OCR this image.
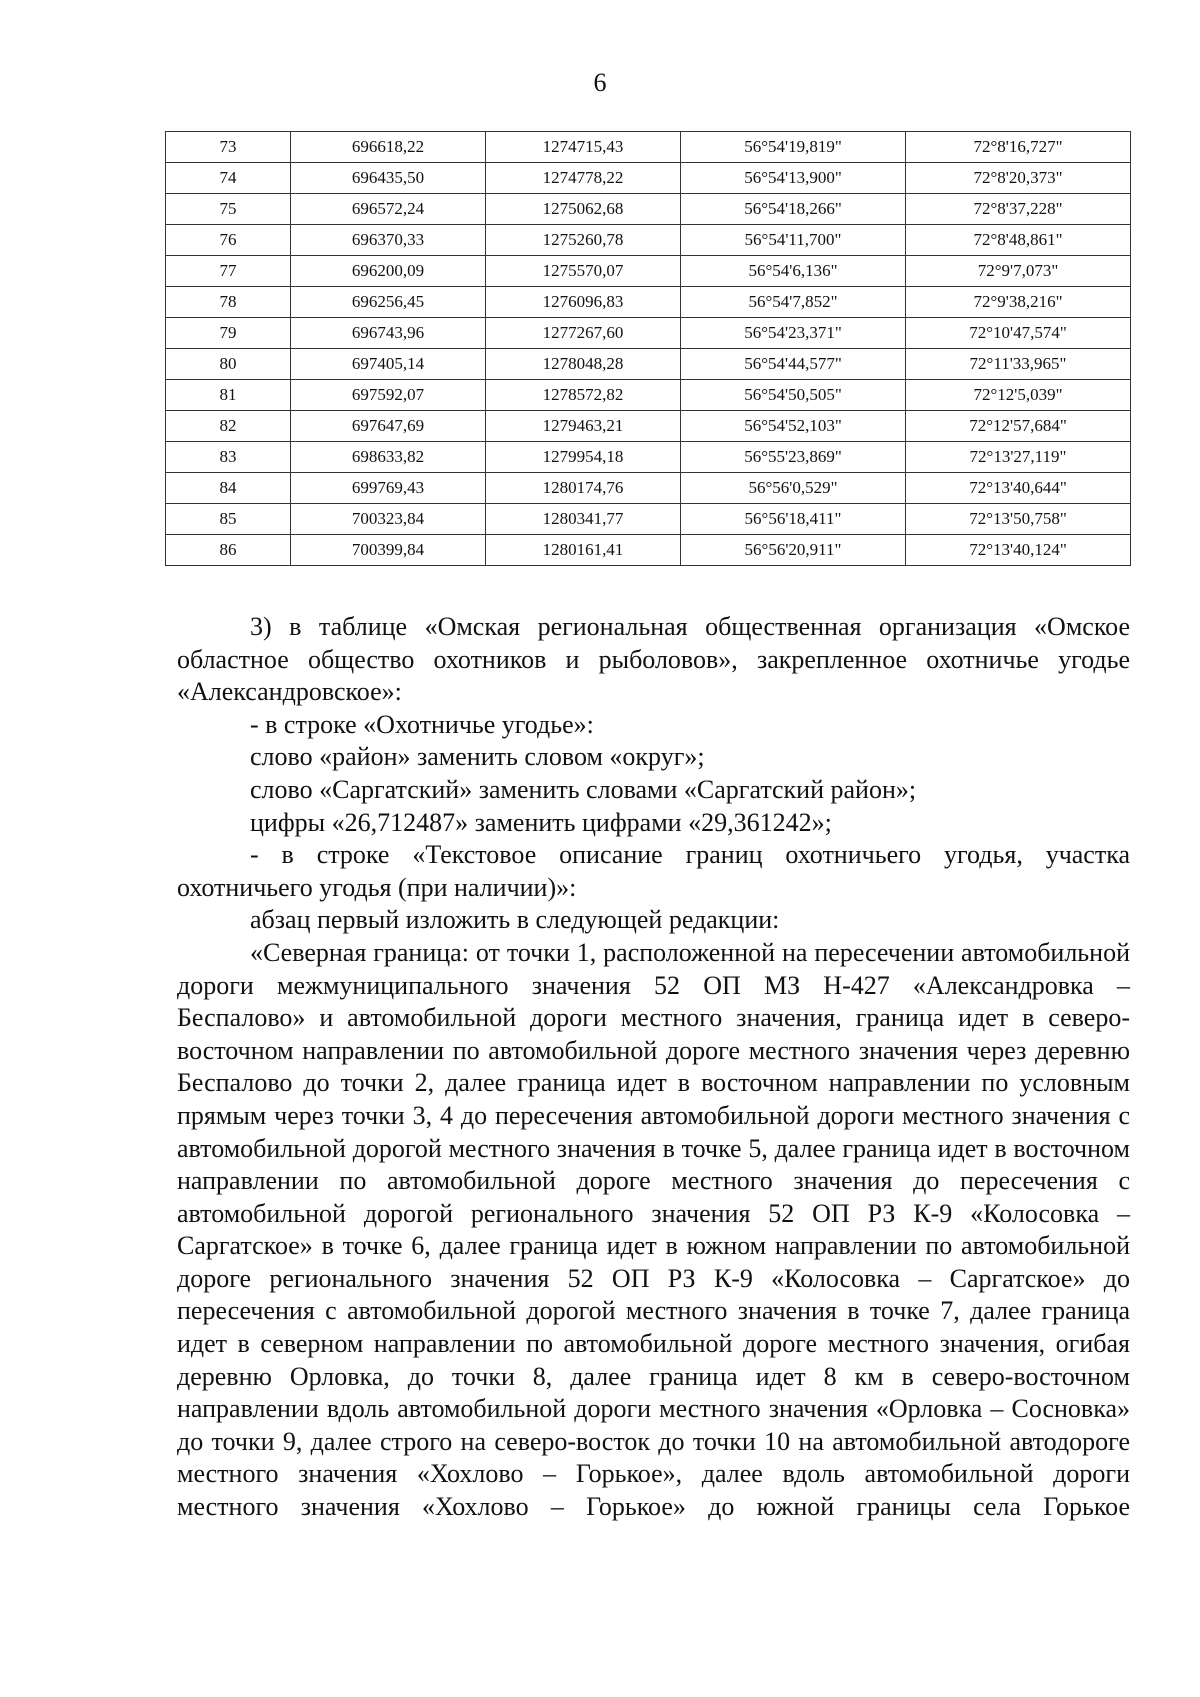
6
73	696618,22	1274715,43	56°54'19,819"	72°8'16,727"
74	696435,50	1274778,22	56°54'13,900"	72°8'20,373"
75	696572,24	1275062,68	56°54'18,266"	72°8'37,228"
76	696370,33	1275260,78	56°54'11,700"	72°8'48,861"
77	696200,09	1275570,07	56°54'6,136"	72°9'7,073"
78	696256,45	1276096,83	56°54'7,852"	72°9'38,216"
79	696743,96	1277267,60	56°54'23,371"	72°10'47,574"
80	697405,14	1278048,28	56°54'44,577"	72°11'33,965"
81	697592,07	1278572,82	56°54'50,505"	72°12'5,039"
82	697647,69	1279463,21	56°54'52,103"	72°12'57,684"
83	698633,82	1279954,18	56°55'23,869"	72°13'27,119"
84	699769,43	1280174,76	56°56'0,529"	72°13'40,644"
85	700323,84	1280341,77	56°56'18,411"	72°13'50,758"
86	700399,84	1280161,41	56°56'20,911"	72°13'40,124"

3) в таблице «Омская региональная общественная организация «Омское областное общество охотников и рыболовов», закрепленное охотничье угодье «Александровское»:

- в строке «Охотничье угодье»:

слово «район» заменить словом «округ»;

слово «Саргатский» заменить словами «Саргатский район»;

цифры «26,712487» заменить цифрами «29,361242»;

- в строке «Текстовое описание границ охотничьего угодья, участка охотничьего угодья (при наличии)»:

абзац первый изложить в следующей редакции:

«Северная граница: от точки 1, расположенной на пересечении автомобильной дороги межмуниципального значения 52 ОП МЗ Н-427 «Александровка – Беспалово» и автомобильной дороги местного значения, граница идет в северо-восточном направлении по автомобильной дороге местного значения через деревню Беспалово до точки 2, далее граница идет в восточном направлении по условным прямым через точки 3, 4 до пересечения автомобильной дороги местного значения с автомобильной дорогой местного значения в точке 5, далее граница идет в восточном направлении по автомобильной дороге местного значения до пересечения с автомобильной дорогой регионального значения 52 ОП РЗ К-9 «Колосовка – Саргатское» в точке 6, далее граница идет в южном направлении по автомобильной дороге регионального значения 52 ОП РЗ К-9 «Колосовка – Саргатское» до пересечения с автомобильной дорогой местного значения в точке 7, далее граница идет в северном направлении по автомобильной дороге местного значения, огибая деревню Орловка, до точки 8, далее граница идет 8 км в северо-восточном направлении вдоль автомобильной дороги местного значения «Орловка – Сосновка» до точки 9, далее строго на северо-восток до точки 10 на автомобильной автодороге местного значения «Хохлово – Горькое», далее вдоль автомобильной дороги местного значения «Хохлово – Горькое» до южной границы села Горькое
